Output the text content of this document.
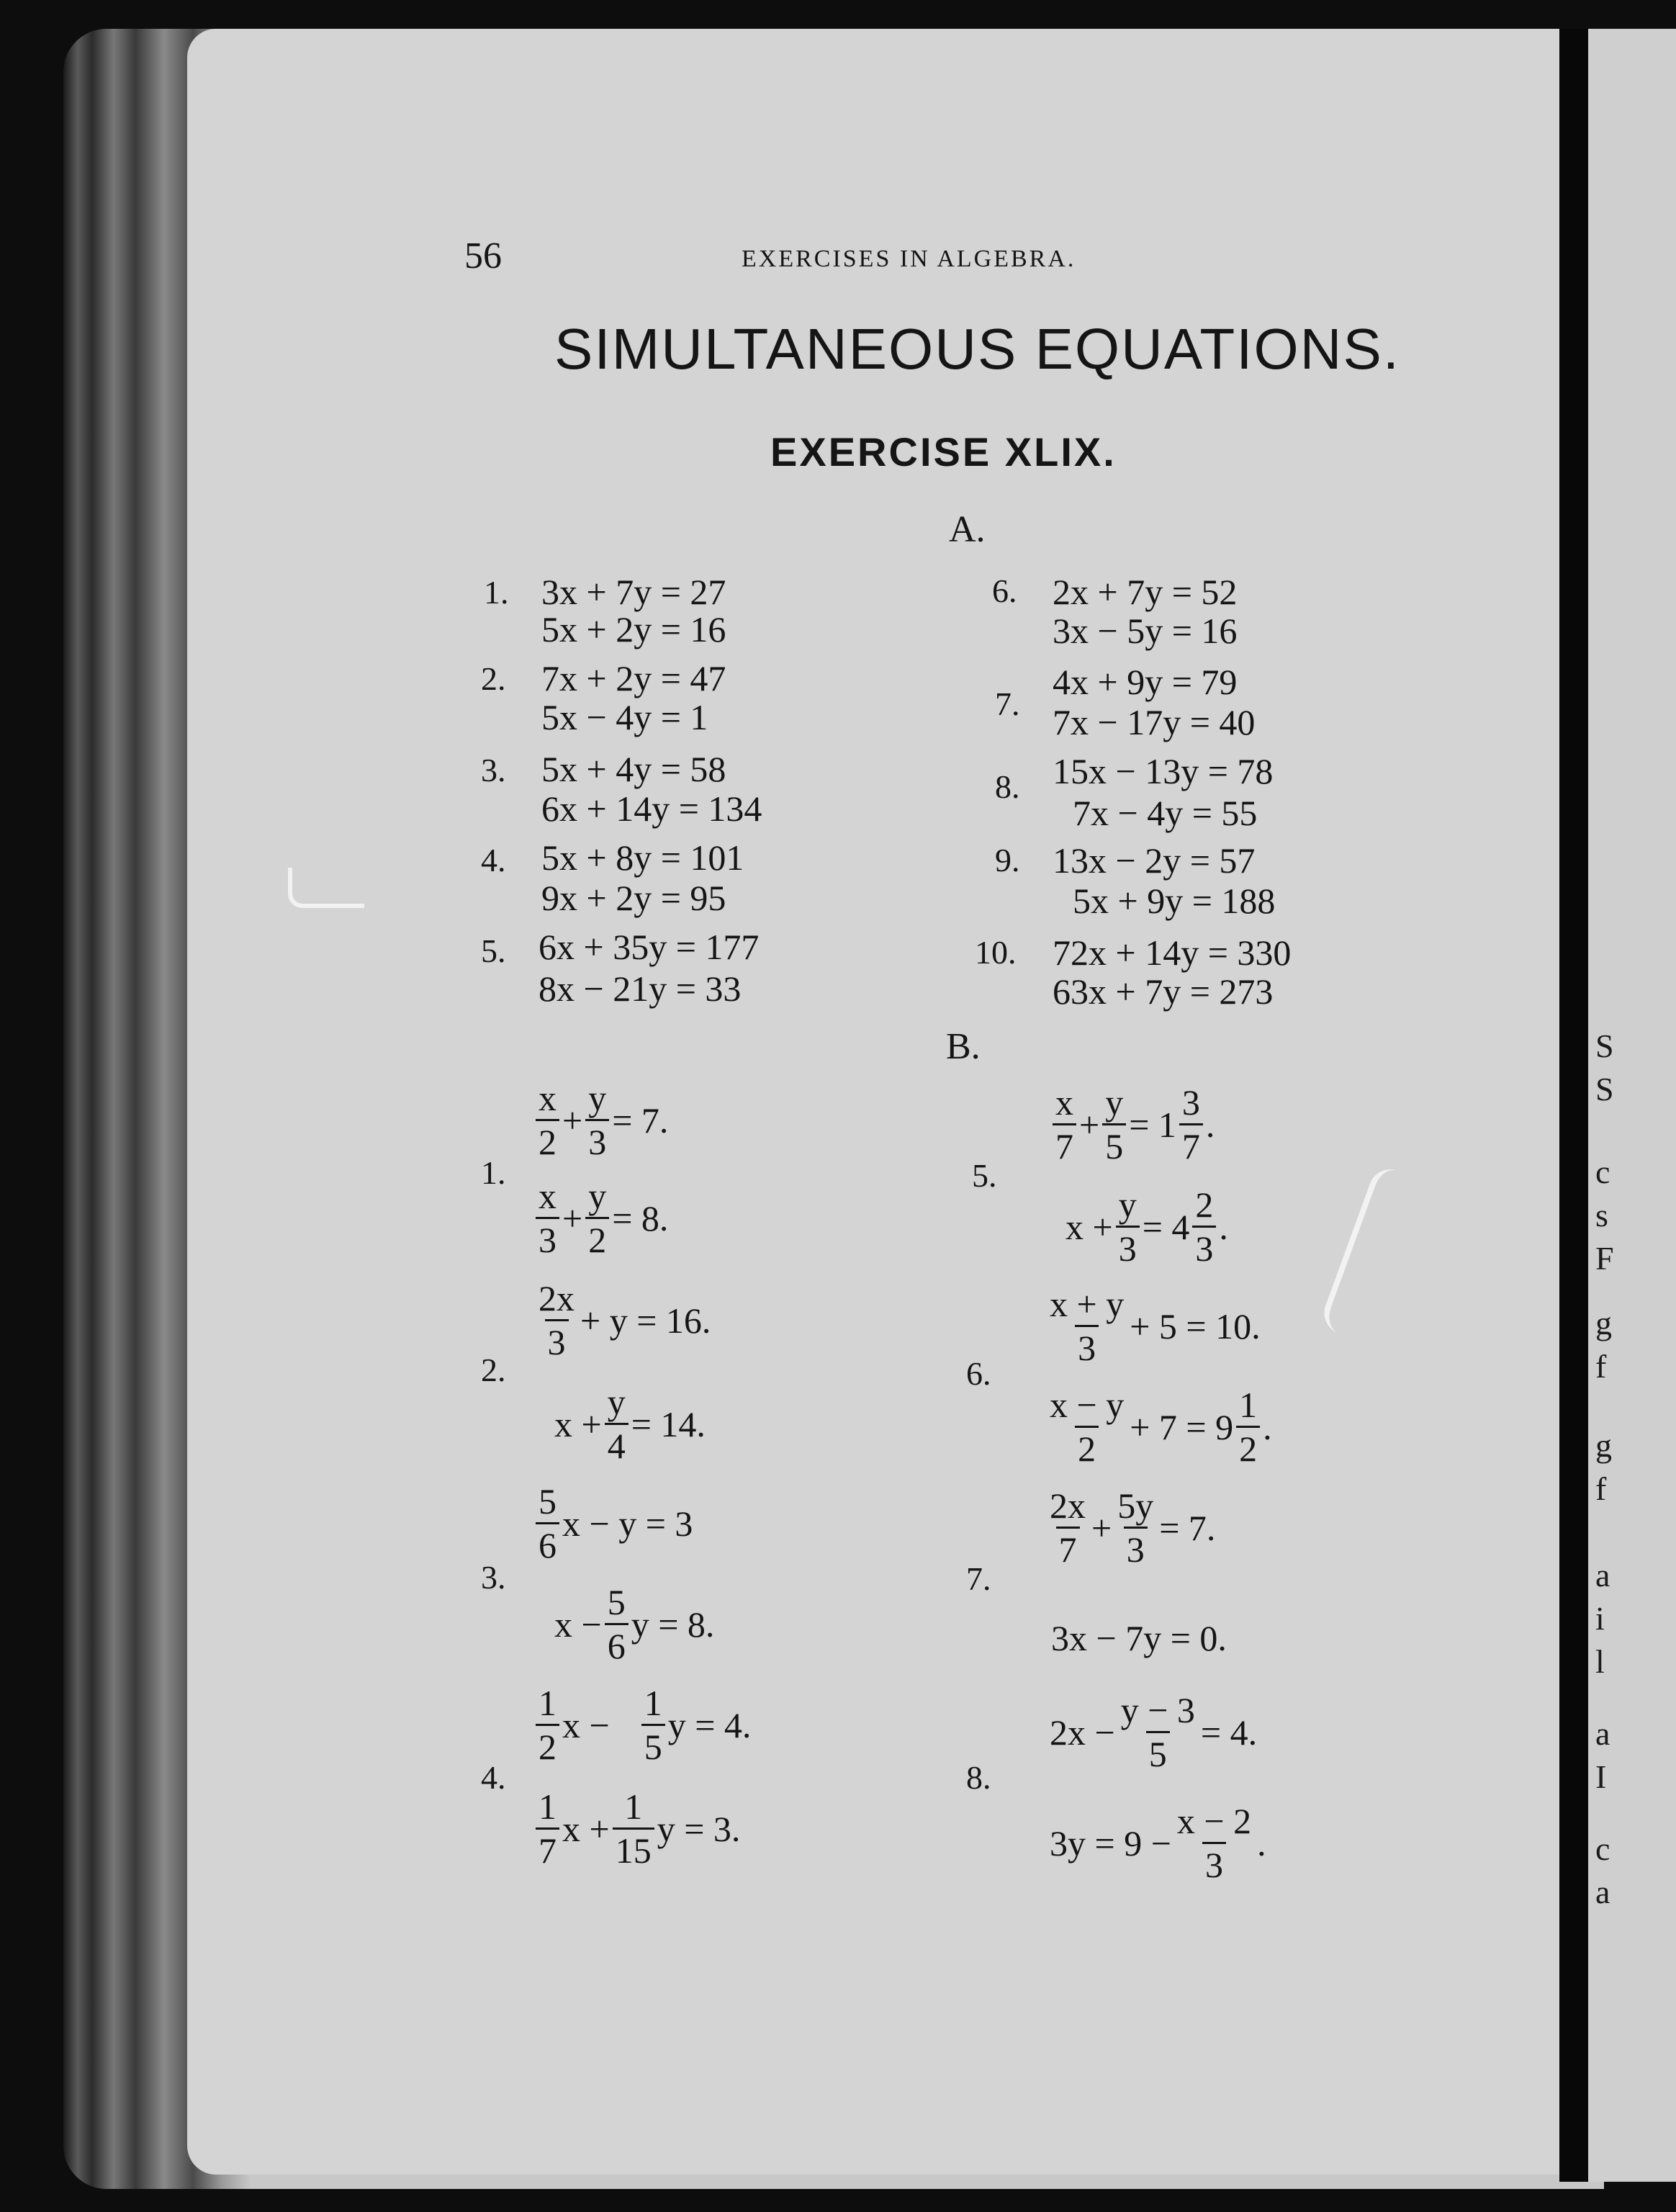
S
S
c
s
F
g
f
g
f
a
i
l
a
I
c
a
56	EXERCISES IN ALGEBRA.
SIMULTANEOUS EQUATIONS.
EXERCISE XLIX.
A.
1. 3x + 7y = 27
5x + 2y = 16
2. 7x + 2y = 47
5x − 4y = 1
3. 5x + 4y = 58
6x + 14y = 134
4. 5x + 8y = 101
9x + 2y = 95
5. 6x + 35y = 177
8x − 21y = 33
6. 2x + 7y = 52
3x − 5y = 16
7.
4x + 9y = 79
7x − 17y = 40
8. 15x − 13y = 78
7x − 4y = 55
9. 13x − 2y = 57
5x + 9y = 188
10. 72x + 14y = 330
63x + 7y = 273
B.
1.
$\frac{x}{2} + \frac{y}{3} = 7$.
$\frac{x}{3} + \frac{y}{2} = 8$.
2.
$\frac{2x}{3} + y = 16$.
$x + \frac{y}{4} = 14$.
3.
$\frac{5}{6}$ x − y = 3
$x - \frac{5}{6}$ y = 8.
4.
$\frac{1}{2}$ $x - \frac{1}{5}$ y = 4.
$\frac{1}{7}$ $x + \frac{1}{15}$ y = 3.
5.
$\frac{x}{7} + \frac{y}{5} = 1 \frac{3}{7}$ .
$x + \frac{y}{3} = 4 \frac{2}{3}$ .
6.
$\frac{x + y}{3} + 5 = 10$.
$\frac{x - y}{2} + 7 = 9 \frac{1}{2}$ .
7.
$\frac{2x}{7} + \frac{5y}{3} = 7$.
3x − 7y = 0.
8.
$2x - \frac{y - 3}{5} = 4$.
$3y = 9 - \frac{x - 2}{3}$ .
